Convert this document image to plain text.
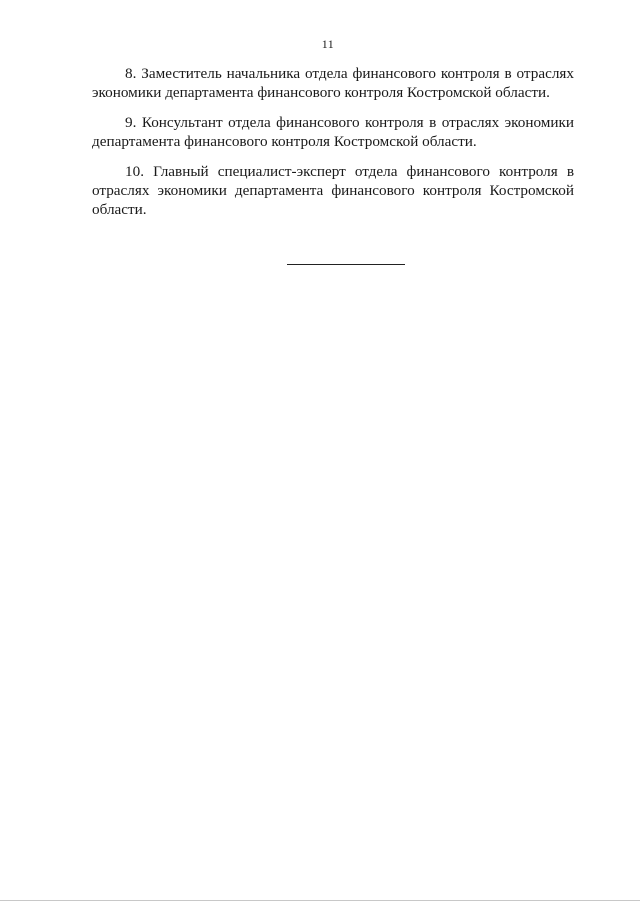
11

8. Заместитель начальника отдела финансового контроля в отраслях экономики департамента финансового контроля Костромской области.

9. Консультант отдела финансового контроля в отраслях экономики департамента финансового контроля Костромской области.

10. Главный специалист-эксперт отдела финансового контроля в отраслях экономики департамента финансового контроля Костромской области.
